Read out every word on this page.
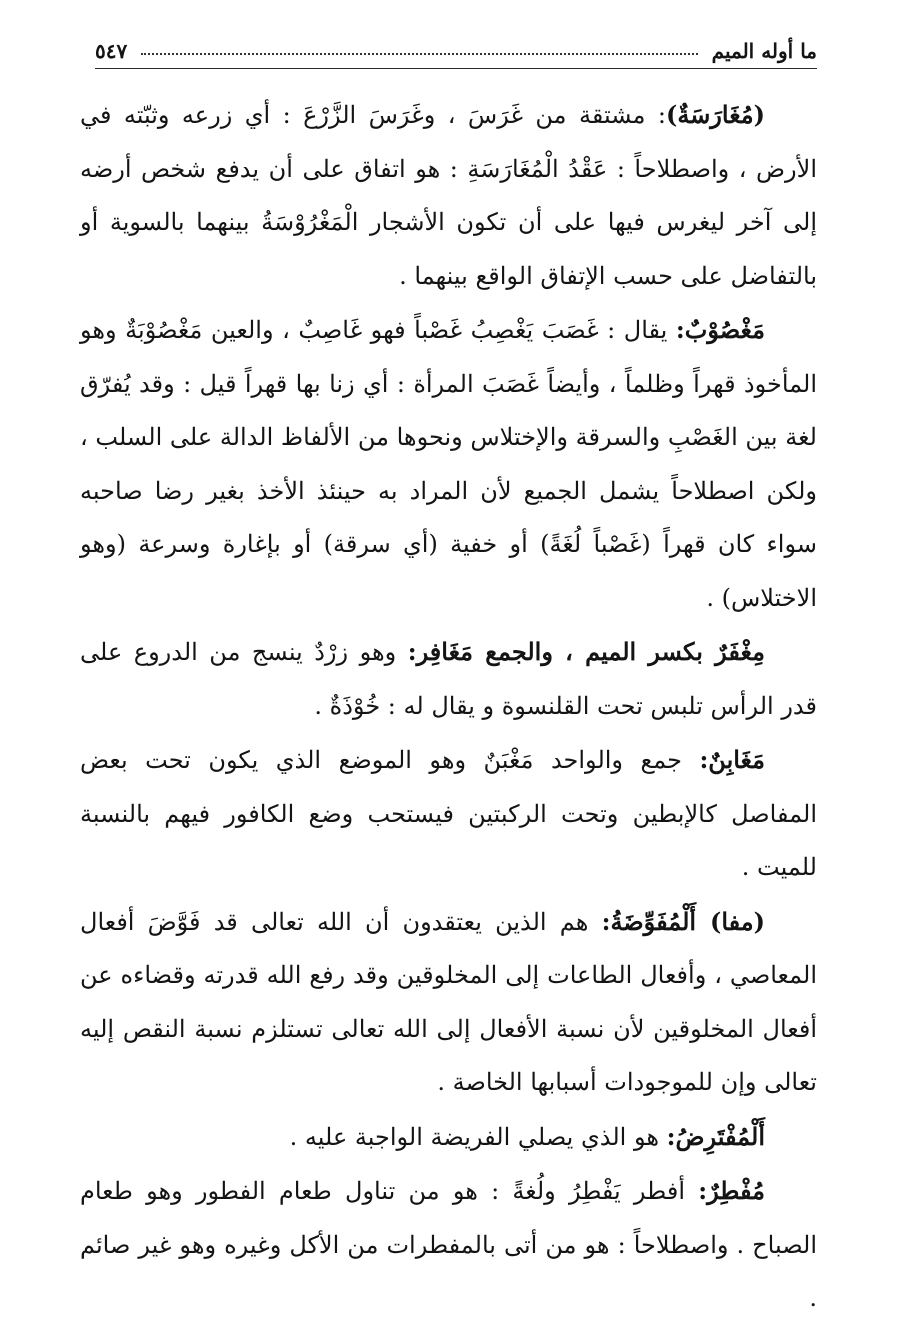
ما أوله الميم
٥٤٧

(مُغَارَسَةٌ): مشتقة من غَرَسَ ، وغَرَسَ الزَّرْعَ : أي زرعه وثبّته في الأرض ، واصطلاحاً : عَقْدُ الْمُغَارَسَةِ : هو اتفاق على أن يدفع شخص أرضه إلى آخر ليغرس فيها على أن تكون الأشجار الْمَغْرُوْسَةُ بينهما بالسوية أو بالتفاضل على حسب الإتفاق الواقع بينهما .

مَغْصُوْبٌ: يقال : غَصَبَ يَغْصِبُ غَصْباً فهو غَاصِبٌ ، والعين مَغْصُوْبَةٌ وهو المأخوذ قهراً وظلماً ، وأيضاً غَصَبَ المرأة : أي زنا بها قهراً قيل : وقد يُفرّق لغة بين الغَصْبِ والسرقة والإختلاس ونحوها من الألفاظ الدالة على السلب ، ولكن اصطلاحاً يشمل الجميع لأن المراد به حينئذ الأخذ بغير رضا صاحبه سواء كان قهراً (غَصْباً لُغَةً) أو خفية (أي سرقة) أو بإغارة وسرعة (وهو الاختلاس) .

مِغْفَرٌ بكسر الميم ، والجمع مَغَافِر: وهو زرْدٌ ينسج من الدروع على قدر الرأس تلبس تحت القلنسوة و يقال له : خُوْذَةٌ .

مَغَابِنٌ: جمع والواحد مَغْبَنٌ وهو الموضع الذي يكون تحت بعض المفاصل كالإبطين وتحت الركبتين فيستحب وضع الكافور فيهم بالنسبة للميت .

(مفا) أَلْمُفَوِّضَةُ: هم الذين يعتقدون أن الله تعالى قد فَوَّضَ أفعال المعاصي ، وأفعال الطاعات إلى المخلوقين وقد رفع الله قدرته وقضاءه عن أفعال المخلوقين لأن نسبة الأفعال إلى الله تعالى تستلزم نسبة النقص إليه تعالى وإن للموجودات أسبابها الخاصة .

أَلْمُفْتَرِضُ: هو الذي يصلي الفريضة الواجبة عليه .

مُفْطِرٌ: أفطر يَفْطِرُ ولُغةً : هو من تناول طعام الفطور وهو طعام الصباح . واصطلاحاً : هو من أتى بالمفطرات من الأكل وغيره وهو غير صائم .
